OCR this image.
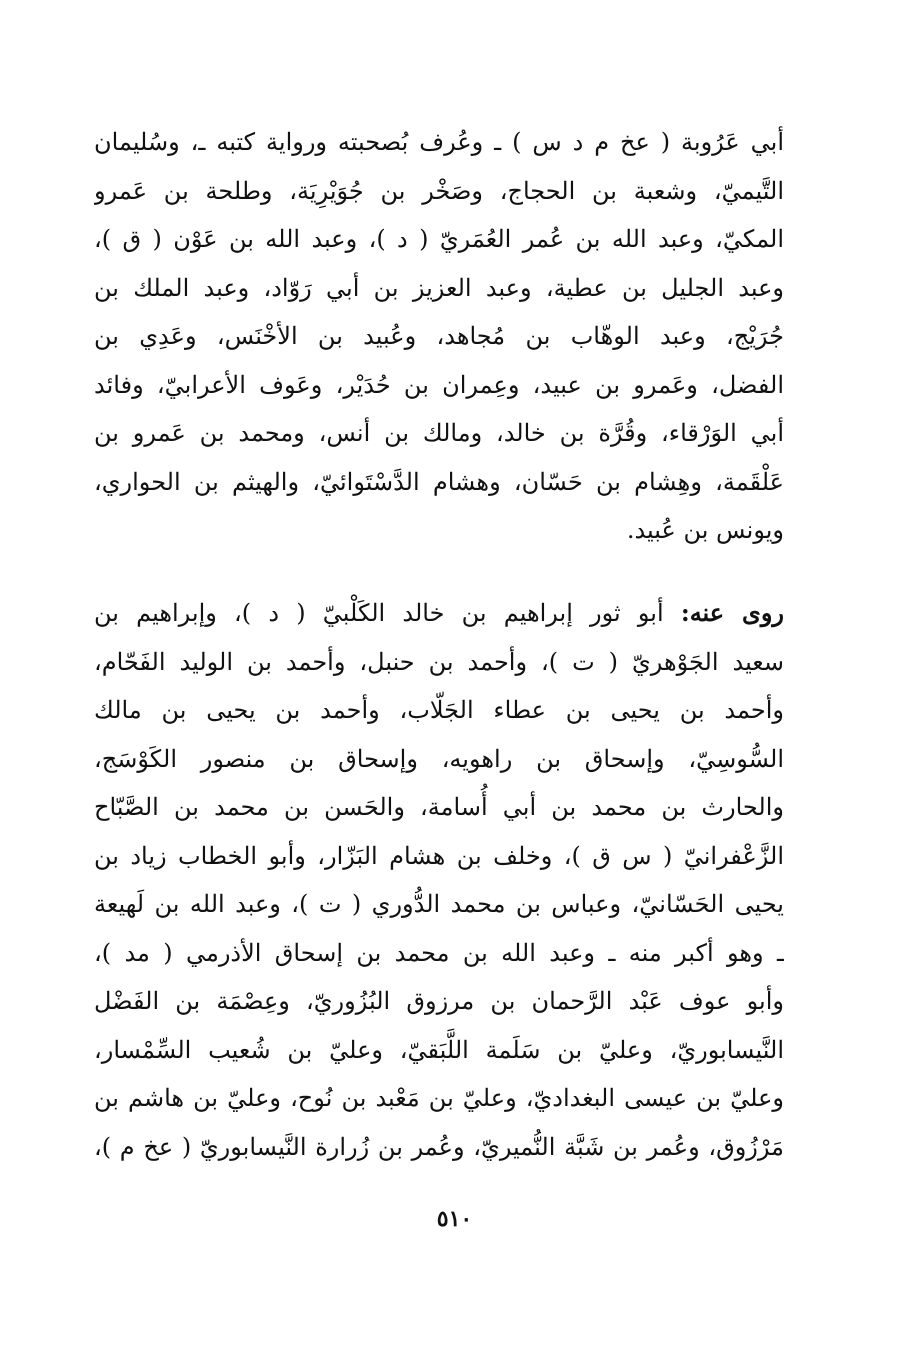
أبي عَرُوبة ( عخ م د س ) ـ وعُرف بُصحبته ورواية كتبه ـ، وسُليمان
التَّيميّ، وشعبة بن الحجاج، وصَخْر بن جُوَيْرِيَة، وطلحة بن عَمرو
المكيّ، وعبد الله بن عُمر العُمَريّ ( د )، وعبد الله بن عَوْن ( ق )،
وعبد الجليل بن عطية، وعبد العزيز بن أبي رَوّاد، وعبد الملك بن
جُرَيْج، وعبد الوهّاب بن مُجاهد، وعُبيد بن الأخْنَس، وعَدِي بن
الفضل، وعَمرو بن عبيد، وعِمران بن حُدَيْر، وعَوف الأعرابيّ، وفائد
أبي الوَرْقاء، وقُرَّة بن خالد، ومالك بن أنس، ومحمد بن عَمرو بن
عَلْقَمة، وهِشام بن حَسّان، وهشام الدَّسْتَوائيّ، والهيثم بن الحواري،
ويونس بن عُبيد.
روى عنه: أبو ثور إبراهيم بن خالد الكَلْبيّ ( د )، وإبراهيم بن
سعيد الجَوْهريّ ( ت )، وأحمد بن حنبل، وأحمد بن الوليد الفَحّام،
وأحمد بن يحيى بن عطاء الجَلّاب، وأحمد بن يحيى بن مالك
السُّوسِيّ، وإسحاق بن راهويه، وإسحاق بن منصور الكَوْسَج،
والحارث بن محمد بن أبي أُسامة، والحَسن بن محمد بن الصَّبّاح
الزَّعْفرانيّ ( س ق )، وخلف بن هشام البَزّار، وأبو الخطاب زياد بن
يحيى الحَسّانيّ، وعباس بن محمد الدُّوري ( ت )، وعبد الله بن لَهيعة
ـ وهو أكبر منه ـ وعبد الله بن محمد بن إسحاق الأذرمي ( مد )،
وأبو عوف عَبْد الرَّحمان بن مرزوق البُزُوريّ، وعِصْمَة بن الفَضْل
النَّيسابوريّ، وعليّ بن سَلَمة اللَّبَقيّ، وعليّ بن شُعيب السِّمْسار،
وعليّ بن عيسى البغداديّ، وعليّ بن مَعْبد بن نُوح، وعليّ بن هاشم بن
مَرْزُوق، وعُمر بن شَبَّة النُّميريّ، وعُمر بن زُرارة النَّيسابوريّ ( عخ م )،
٥١٠
